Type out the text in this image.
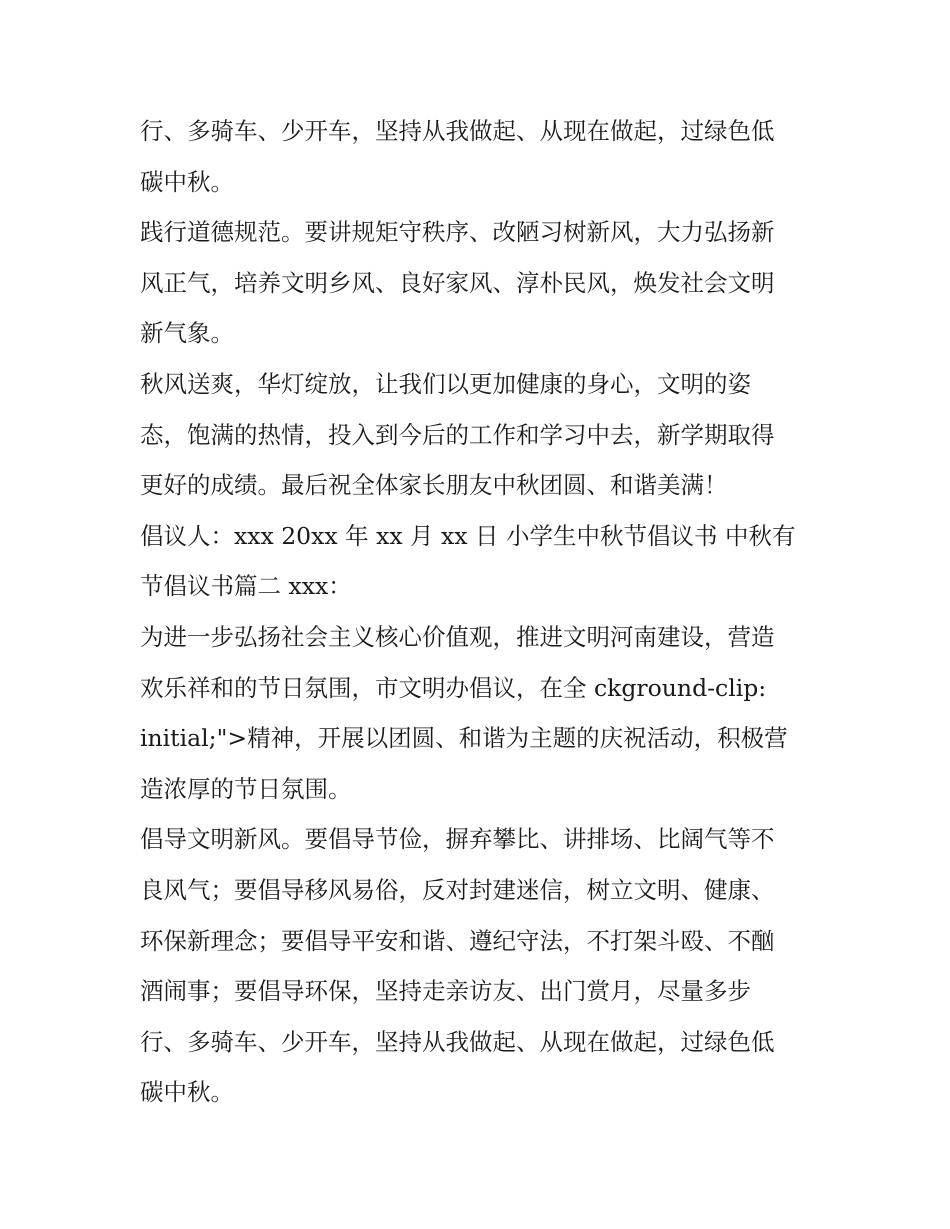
行、多骑车、少开车，坚持从我做起、从现在做起，过绿色低
碳中秋。

践行道德规范。要讲规矩守秩序、改陋习树新风，大力弘扬新
风正气，培养文明乡风、良好家风、淳朴民风，焕发社会文明
新气象。

秋风送爽，华灯绽放，让我们以更加健康的身心，文明的姿
态，饱满的热情，投入到今后的工作和学习中去，新学期取得
更好的成绩。最后祝全体家长朋友中秋团圆、和谐美满！

倡议人：xxx 20xx 年 xx 月 xx 日 小学生中秋节倡议书 中秋有
节倡议书篇二 xxx：

为进一步弘扬社会主义核心价值观，推进文明河南建设，营造
欢乐祥和的节日氛围，市文明办倡议，在全 ckground-clip:
initial;">精神，开展以团圆、和谐为主题的庆祝活动，积极营
造浓厚的节日氛围。

倡导文明新风。要倡导节俭，摒弃攀比、讲排场、比阔气等不
良风气；要倡导移风易俗，反对封建迷信，树立文明、健康、
环保新理念；要倡导平安和谐、遵纪守法，不打架斗殴、不酗
酒闹事；要倡导环保，坚持走亲访友、出门赏月，尽量多步
行、多骑车、少开车，坚持从我做起、从现在做起，过绿色低
碳中秋。
